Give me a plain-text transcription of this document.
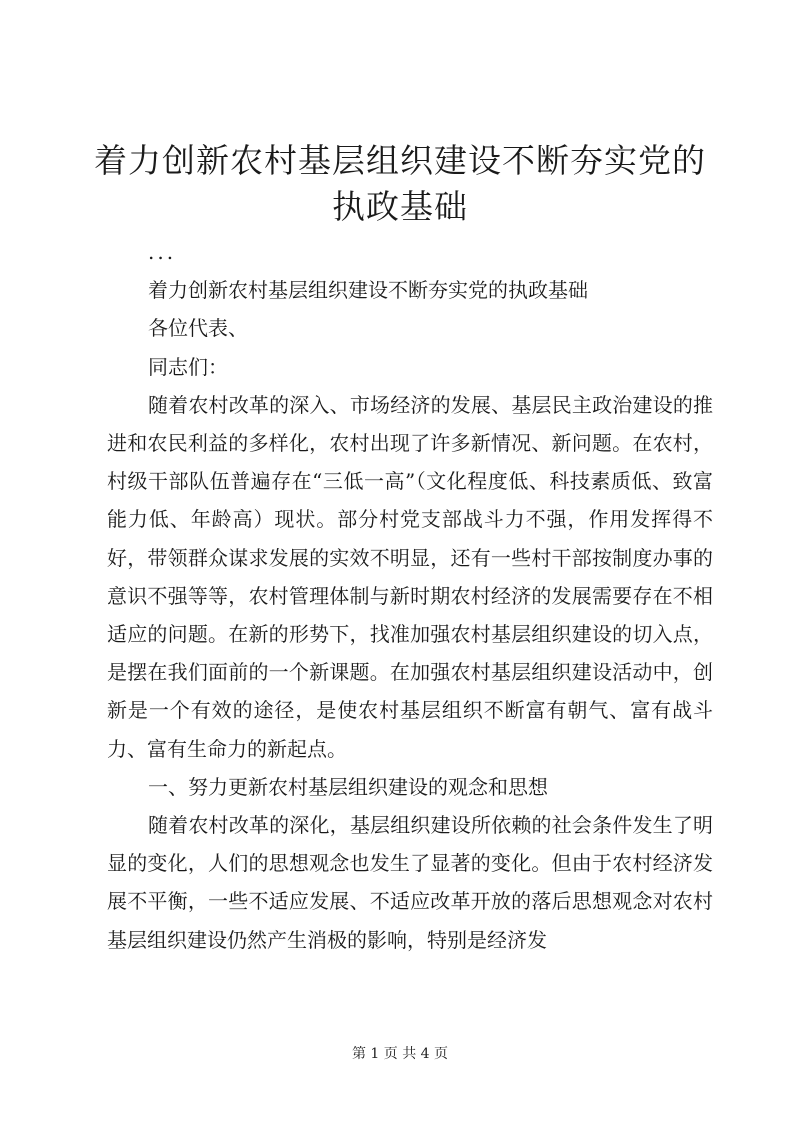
着力创新农村基层组织建设不断夯实党的执政基础

...

着力创新农村基层组织建设不断夯实党的执政基础

各位代表、

同志们：

随着农村改革的深入、市场经济的发展、基层民主政治建设的推进和农民利益的多样化，农村出现了许多新情况、新问题。在农村，村级干部队伍普遍存在“三低一高”（文化程度低、科技素质低、致富能力低、年龄高）现状。部分村党支部战斗力不强，作用发挥得不好，带领群众谋求发展的实效不明显，还有一些村干部按制度办事的意识不强等等，农村管理体制与新时期农村经济的发展需要存在不相适应的问题。在新的形势下，找准加强农村基层组织建设的切入点，是摆在我们面前的一个新课题。在加强农村基层组织建设活动中，创新是一个有效的途径，是使农村基层组织不断富有朝气、富有战斗力、富有生命力的新起点。

一、努力更新农村基层组织建设的观念和思想

随着农村改革的深化，基层组织建设所依赖的社会条件发生了明显的变化，人们的思想观念也发生了显著的变化。但由于农村经济发展不平衡，一些不适应发展、不适应改革开放的落后思想观念对农村基层组织建设仍然产生消极的影响，特别是经济发

第 1 页 共 4 页
